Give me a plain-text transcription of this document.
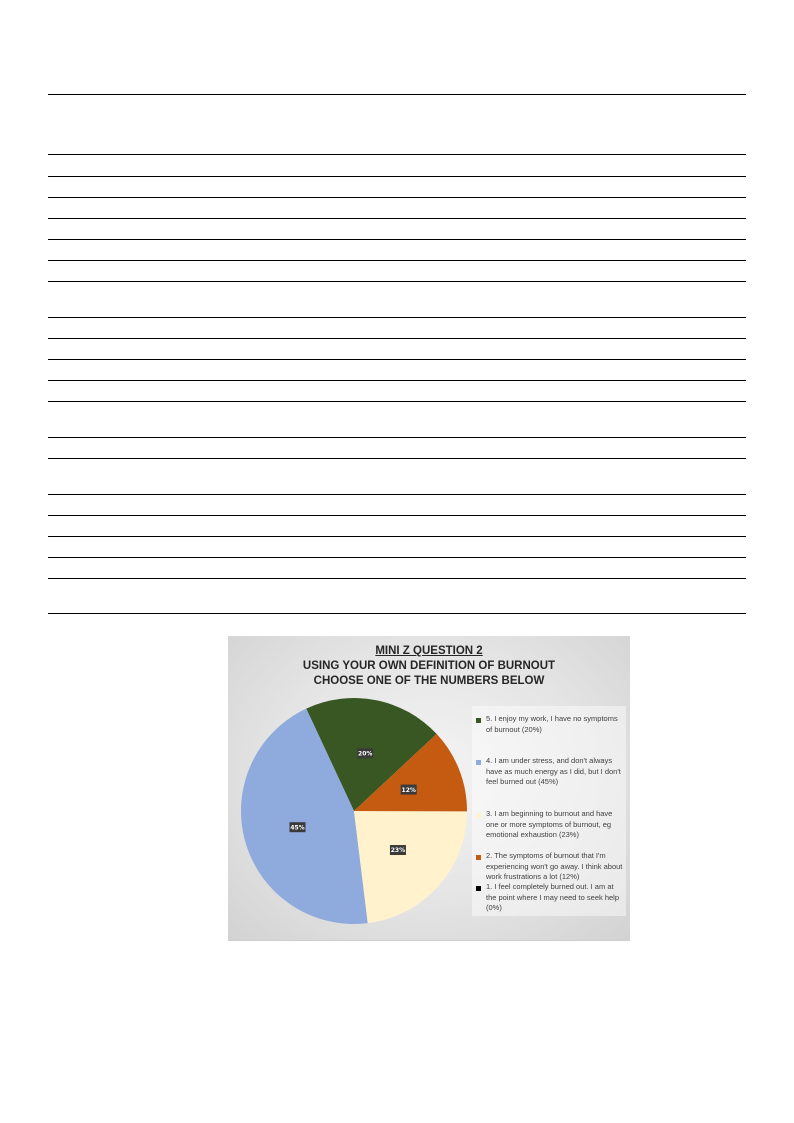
MINI Z QUESTION 2
USING YOUR OWN DEFINITION OF BURNOUT
CHOOSE ONE OF THE NUMBERS BELOW
20%
45%
23%
12%
5. I enjoy my work, I have no symptoms of burnout (20%)
4. I am under stress, and don't always have as much energy as I did, but I don't feel burned out (45%)
3. I am beginning to burnout and have one or more symptoms of burnout, eg emotional exhaustion (23%)
2. The symptoms of burnout that I'm experiencing won't go away. I think about work frustrations a lot (12%)
1. I feel completely burned out. I am at the point where I may need to seek help (0%)
